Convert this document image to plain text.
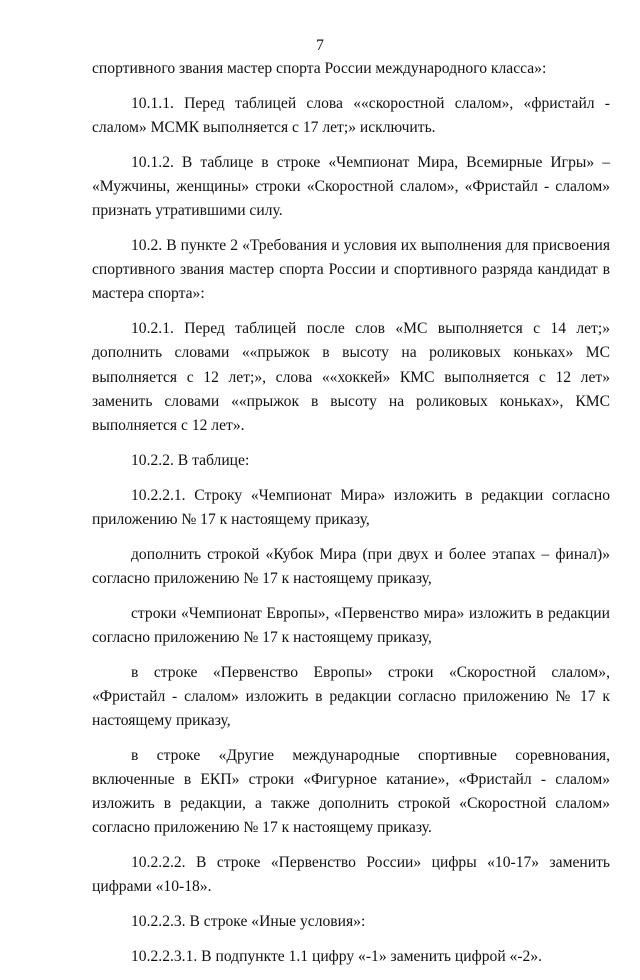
7

спортивного звания мастер спорта России международного класса»:

10.1.1. Перед таблицей слова ««скоростной слалом», «фристайл - слалом» МСМК выполняется с 17 лет;» исключить.

10.1.2. В таблице в строке «Чемпионат Мира, Всемирные Игры» – «Мужчины, женщины» строки «Скоростной слалом», «Фристайл - слалом» признать утратившими силу.

10.2. В пункте 2 «Требования и условия их выполнения для присвоения спортивного звания мастер спорта России и спортивного разряда кандидат в мастера спорта»:

10.2.1. Перед таблицей после слов «МС выполняется с 14 лет;» дополнить словами ««прыжок в высоту на роликовых коньках» МС выполняется с 12 лет;», слова ««хоккей» КМС выполняется с 12 лет» заменить словами ««прыжок в высоту на роликовых коньках», КМС выполняется с 12 лет».

10.2.2. В таблице:

10.2.2.1. Строку «Чемпионат Мира» изложить в редакции согласно приложению № 17 к настоящему приказу,

дополнить строкой «Кубок Мира (при двух и более этапах – финал)» согласно приложению № 17 к настоящему приказу,

строки «Чемпионат Европы», «Первенство мира» изложить в редакции согласно приложению № 17 к настоящему приказу,

в строке «Первенство Европы» строки «Скоростной слалом», «Фристайл - слалом» изложить в редакции согласно приложению № 17 к настоящему приказу,

в строке «Другие международные спортивные соревнования, включенные в ЕКП» строки «Фигурное катание», «Фристайл - слалом» изложить в редакции, а также дополнить строкой «Скоростной слалом» согласно приложению № 17 к настоящему приказу.

10.2.2.2. В строке «Первенство России» цифры «10-17» заменить цифрами «10-18».

10.2.2.3. В строке «Иные условия»:

10.2.2.3.1. В подпункте 1.1 цифру «-1» заменить цифрой «-2».
